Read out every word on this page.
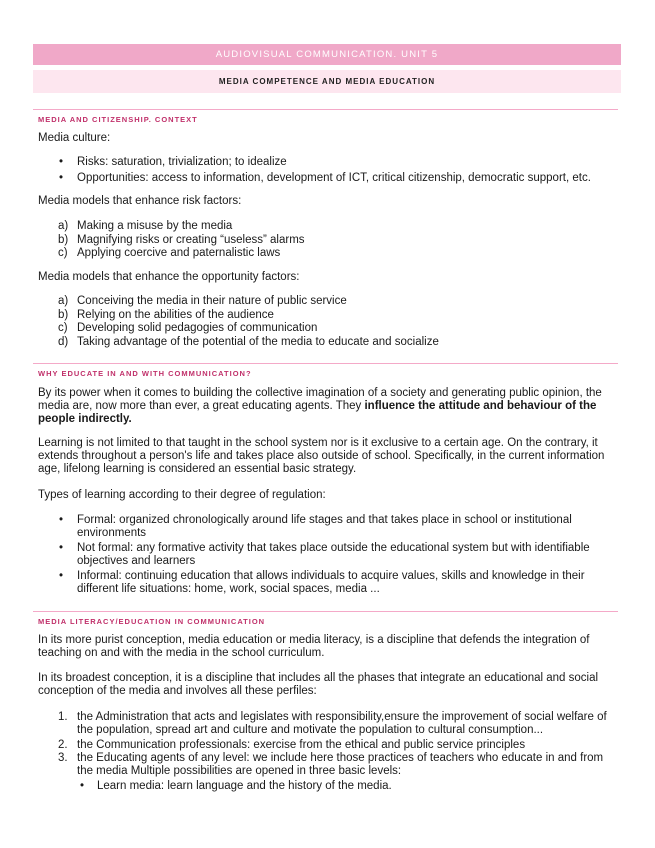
AUDIOVISUAL COMMUNICATION. UNIT 5
MEDIA COMPETENCE AND MEDIA EDUCATION
MEDIA AND CITIZENSHIP. CONTEXT

Media culture:

• Risks: saturation, trivialization; to idealize
• Opportunities: access to information, development of ICT, critical citizenship, democratic support, etc.

Media models that enhance risk factors:

a) Making a misuse by the media
b) Magnifying risks or creating “useless” alarms
c) Applying coercive and paternalistic laws

Media models that enhance the opportunity factors:

a) Conceiving the media in their nature of public service
b) Relying on the abilities of the audience
c) Developing solid pedagogies of communication
d) Taking advantage of the potential of the media to educate and socialize
WHY EDUCATE IN AND WITH COMMUNICATION?

By its power when it comes to building the collective imagination of a society and generating public opinion, the media are, now more than ever, a great educating agents. They influence the attitude and behaviour of the people indirectly.

Learning is not limited to that taught in the school system nor is it exclusive to a certain age. On the contrary, it extends throughout a person's life and takes place also outside of school. Specifically, in the current information age, lifelong learning is considered an essential basic strategy.

Types of learning according to their degree of regulation:

• Formal: organized chronologically around life stages and that takes place in school or institutional environments
• Not formal: any formative activity that takes place outside the educational system but with identifiable objectives and learners
• Informal: continuing education that allows individuals to acquire values, skills and knowledge in their different life situations: home, work, social spaces, media ...
MEDIA LITERACY/EDUCATION IN COMMUNICATION

In its more purist conception, media education or media literacy, is a discipline that defends the integration of teaching on and with the media in the school curriculum.

In its broadest conception, it is a discipline that includes all the phases that integrate an educational and social conception of the media and involves all these perfiles:

1. the Administration that acts and legislates with responsibility,ensure the improvement of social welfare of the population, spread art and culture and motivate the population to cultural consumption...
2. the Communication professionals: exercise from the ethical and public service principles
3. the Educating agents of any level: we include here those practices of teachers who educate in and from the media Multiple possibilities are opened in three basic levels:
• Learn media: learn language and the history of the media.
